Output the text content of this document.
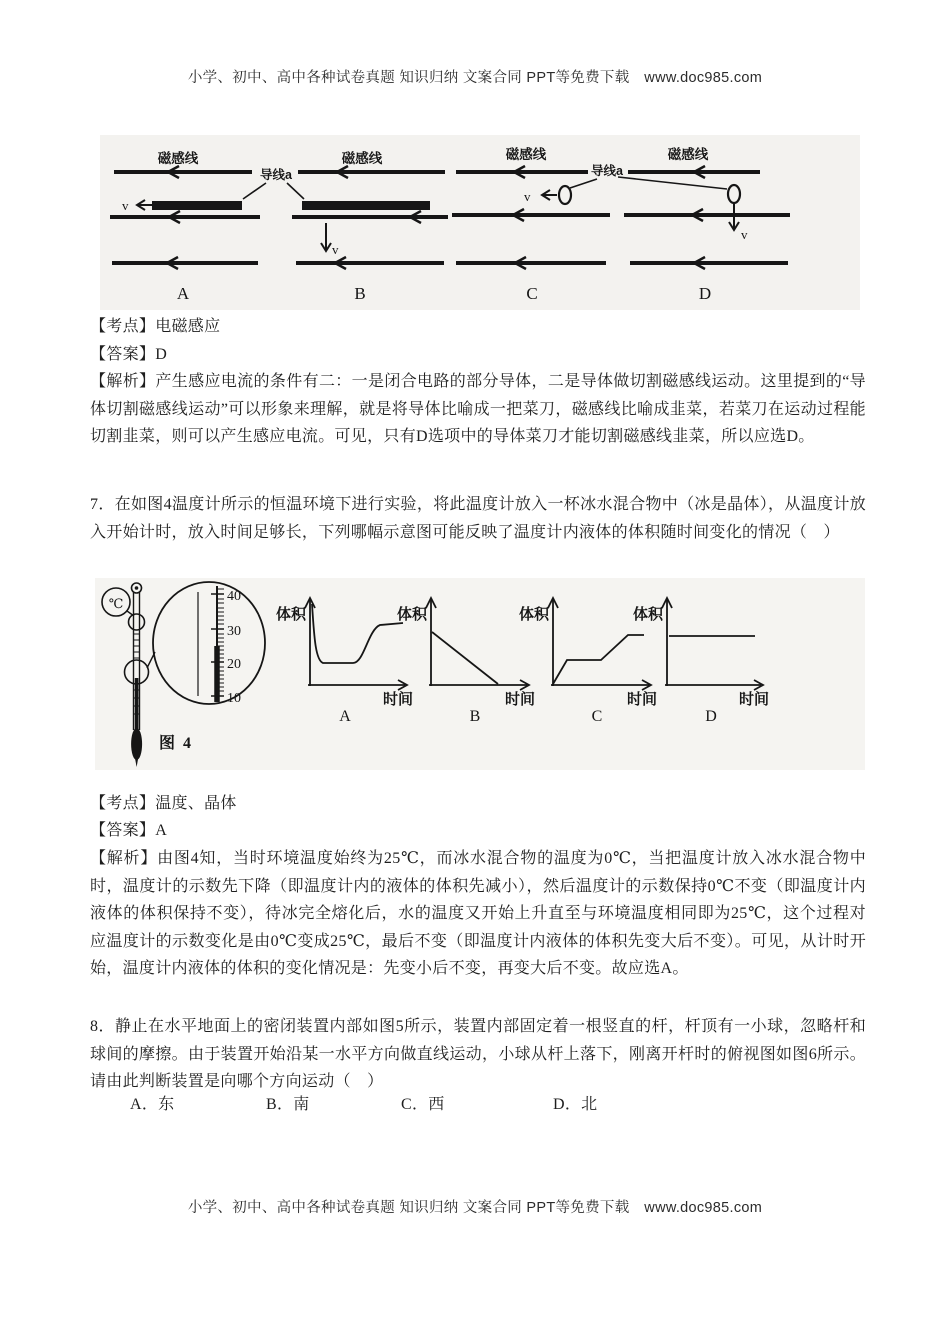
小学、初中、高中各种试卷真题 知识归纳 文案合同 PPT等免费下载　www.doc985.com
磁感线
v
A
磁感线
v
B
导线a
磁感线
v
C
磁感线
v
D
导线a
【考点】电磁感应
【答案】D
【解析】产生感应电流的条件有二：一是闭合电路的部分导体，二是导体做切割磁感线运动。这里提到的“导体切割磁感线运动”可以形象来理解，就是将导体比喻成一把菜刀，磁感线比喻成韭菜，若菜刀在运动过程能切割韭菜，则可以产生感应电流。可见，只有D选项中的导体菜刀才能切割磁感线韭菜，所以应选D。
7．在如图4温度计所示的恒温环境下进行实验，将此温度计放入一杯冰水混合物中（冰是晶体），从温度计放入开始计时，放入时间足够长，下列哪幅示意图可能反映了温度计内液体的体积随时间变化的情况（　）
℃	40
30
20
10
图 4
体积
时间
A
体积
时间
B
体积
时间
C
体积
时间
D
【考点】温度、晶体
【答案】A
【解析】由图4知，当时环境温度始终为25℃，而冰水混合物的温度为0℃，当把温度计放入冰水混合物中时，温度计的示数先下降（即温度计内的液体的体积先减小），然后温度计的示数保持0℃不变（即温度计内液体的体积保持不变），待冰完全熔化后，水的温度又开始上升直至与环境温度相同即为25℃，这个过程对应温度计的示数变化是由0℃变成25℃，最后不变（即温度计内液体的体积先变大后不变）。可见，从计时开始，温度计内液体的体积的变化情况是：先变小后不变，再变大后不变。故应选A。
8．静止在水平地面上的密闭装置内部如图5所示，装置内部固定着一根竖直的杆，杆顶有一小球，忽略杆和球间的摩擦。由于装置开始沿某一水平方向做直线运动，小球从杆上落下，刚离开杆时的俯视图如图6所示。请由此判断装置是向哪个方向运动（　）
A．东	B．南	C．西	D．北
小学、初中、高中各种试卷真题 知识归纳 文案合同 PPT等免费下载　www.doc985.com
